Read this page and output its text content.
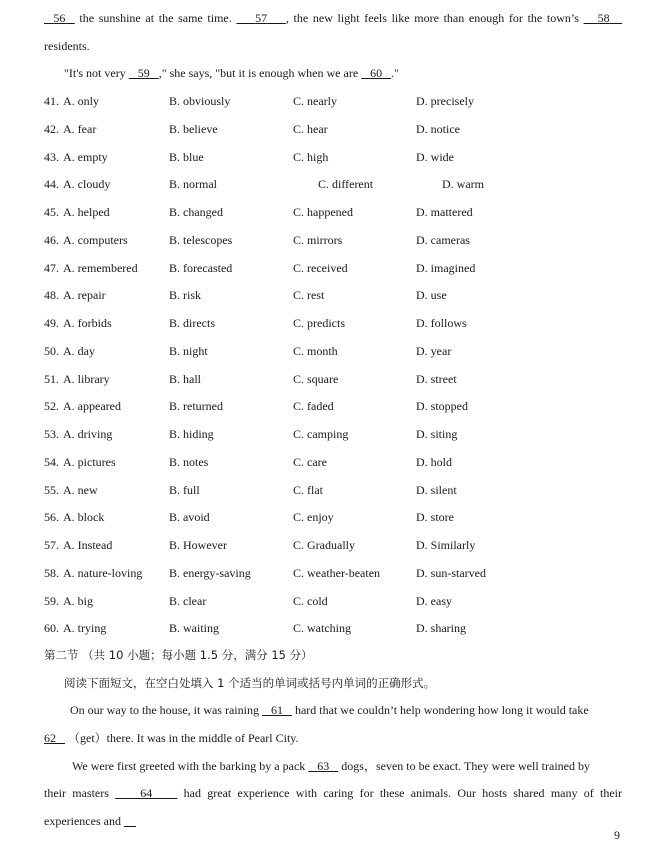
56   the sunshine at the same time.     57 , the new light feels like more than enough for the town’s    58
residents.
"It's not very    59 ," she says, "but it is enough when we are    60 ."
41. A. only	B. obviously	C. nearly	D. precisely
42. A. fear	B. believe	C. hear	D. notice
43. A. empty	B. blue	C. high	D. wide
44. A. cloudy	B. normal	C. different	D. warm
45. A. helped	B. changed	C. happened	D. mattered
46. A. computers	B. telescopes	C. mirrors	D. cameras
47. A. remembered	B. forecasted	C. received	D. imagined
48. A. repair	B. risk	C. rest	D. use
49. A. forbids	B. directs	C. predicts	D. follows
50. A. day	B. night	C. month	D. year
51. A. library	B. hall	C. square	D. street
52. A. appeared	B. returned	C. faded	D. stopped
53. A. driving	B. hiding	C. camping	D. siting
54. A. pictures	B. notes	C. care	D. hold
55. A. new	B. full	C. flat	D. silent
56. A. block	B. avoid	C. enjoy	D. store
57. A. Instead	B. However	C. Gradually	D. Similarly
58. A. nature-loving B. energy-saving	C. weather-beaten	D. sun-starved
59. A. big	B. clear	C. cold	D. easy
60. A. trying	B. waiting	C. watching	D. sharing
第二节 （共 10 小题；每小题 1.5 分，满分 15 分）
阅读下面短文，在空白处填入 1 个适当的单词或括号内单词的正确形式。
On our way to the house, it was raining    61    hard that we couldn’t help wondering how long it would take
62    （get）there. It was in the middle of Pearl City.
We were first greeted with the barking by a pack    63    dogs，seven to be exact. They were well trained by
their masters     64     had great experience with caring for these animals. Our hosts shared many of their
experiences and
9
